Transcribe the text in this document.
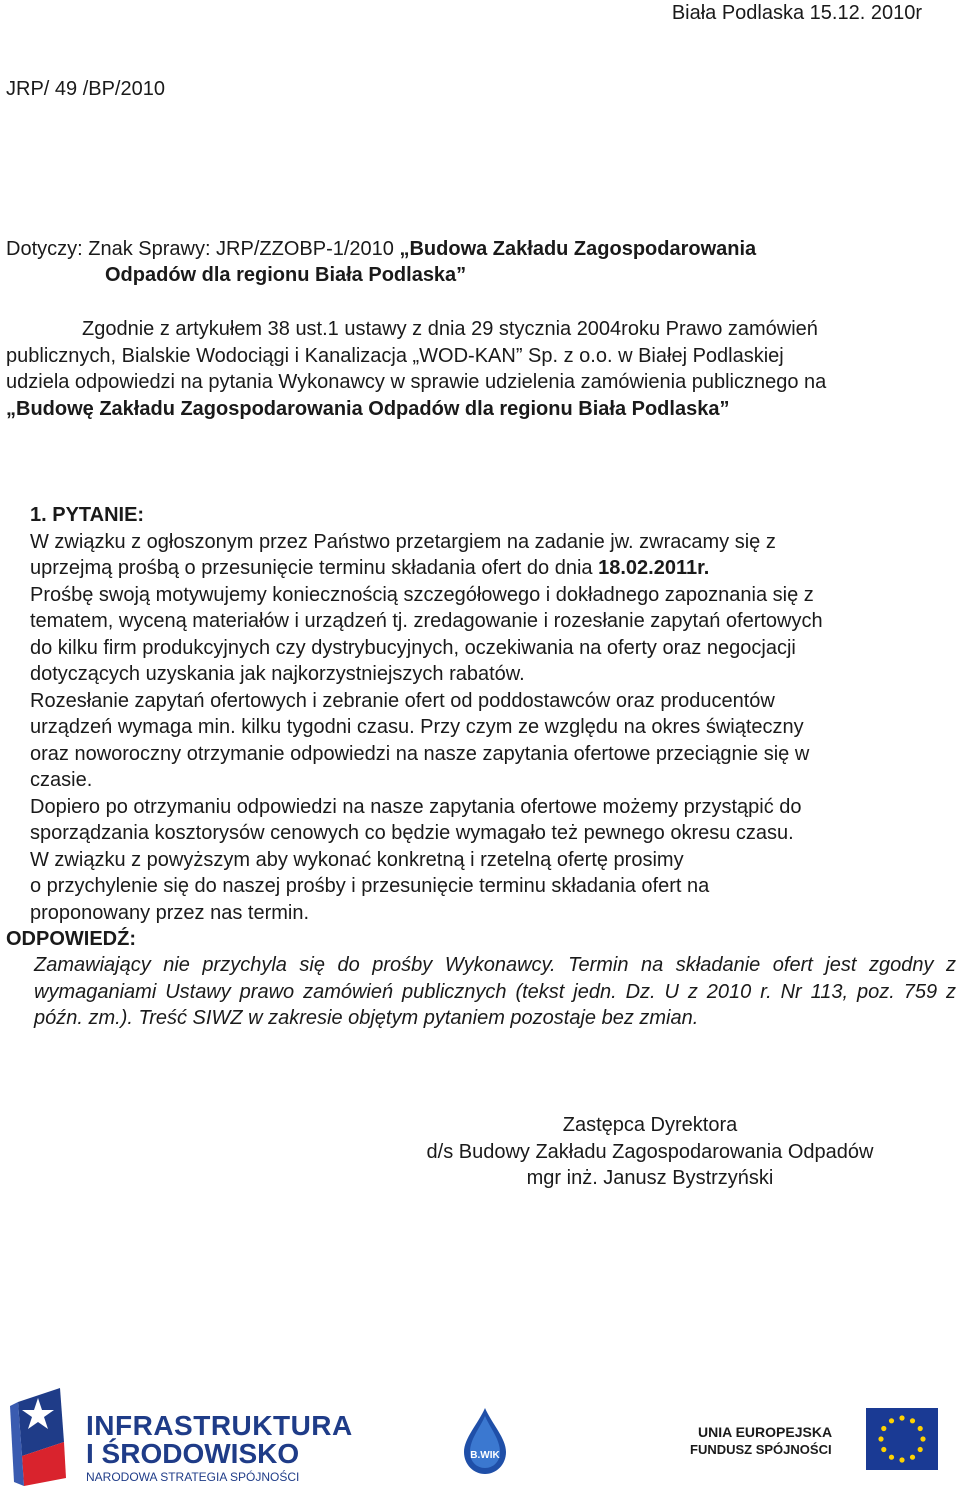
Biała Podlaska 15.12. 2010r
JRP/ 49 /BP/2010
Dotyczy: Znak Sprawy: JRP/ZZOBP-1/2010 „Budowa Zakładu Zagospodarowania
Odpadów dla regionu Biała Podlaska”

Zgodnie z artykułem 38 ust.1 ustawy z dnia 29 stycznia 2004roku Prawo zamówień

publicznych, Bialskie Wodociągi i Kanalizacja „WOD-KAN” Sp. z o.o. w Białej Podlaskiej

udziela odpowiedzi na pytania Wykonawcy w sprawie udzielenia zamówienia publicznego na

„Budowę Zakładu Zagospodarowania Odpadów dla regionu Biała Podlaska”

1. PYTANIE:

W związku z ogłoszonym przez Państwo przetargiem na zadanie jw. zwracamy się z

uprzejmą prośbą o przesunięcie terminu składania ofert do dnia 18.02.2011r.

Prośbę swoją motywujemy koniecznością szczegółowego i dokładnego zapoznania się z

tematem, wyceną materiałów i urządzeń tj. zredagowanie i rozesłanie zapytań ofertowych

do kilku firm produkcyjnych czy dystrybucyjnych, oczekiwania na oferty oraz negocjacji

dotyczących uzyskania jak najkorzystniejszych rabatów.

Rozesłanie zapytań ofertowych i zebranie ofert od poddostawców oraz producentów

urządzeń wymaga min. kilku tygodni czasu. Przy czym ze względu na okres świąteczny

oraz noworoczny otrzymanie odpowiedzi na nasze zapytania ofertowe przeciągnie się w

czasie.

Dopiero po otrzymaniu odpowiedzi na nasze zapytania ofertowe możemy przystąpić do

sporządzania kosztorysów cenowych co będzie wymagało też pewnego okresu czasu.

W związku z powyższym aby wykonać konkretną i rzetelną ofertę prosimy

o przychylenie się do naszej prośby i przesunięcie terminu składania ofert na

proponowany przez nas termin.

ODPOWIEDŹ:
Zamawiający nie przychyla się do prośby Wykonawcy. Termin na składanie ofert jest zgodny z wymaganiami Ustawy prawo zamówień publicznych (tekst jedn. Dz. U z 2010 r. Nr 113, poz. 759 z późn. zm.). Treść SIWZ w zakresie objętym pytaniem pozostaje bez zmian.
Zastępca Dyrektora
d/s Budowy Zakładu Zagospodarowania Odpadów
mgr inż. Janusz Bystrzyński
INFRASTRUKTURA
I ŚRODOWISKO
NARODOWA STRATEGIA SPÓJNOŚCI
B.WIK
UNIA EUROPEJSKA
FUNDUSZ SPÓJNOŚCI
